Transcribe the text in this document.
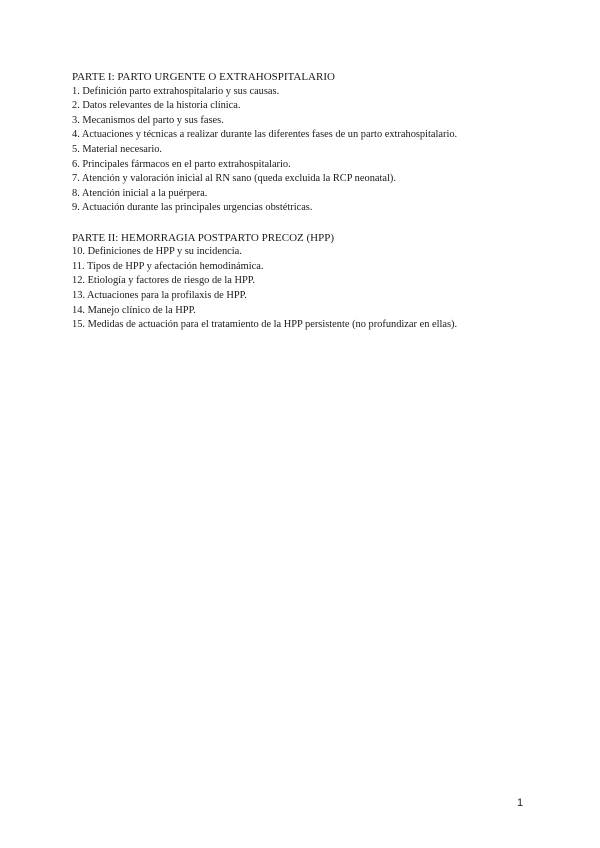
PARTE I: PARTO URGENTE O EXTRAHOSPITALARIO

1. Definición parto extrahospitalario y sus causas.

2. Datos relevantes de la historia clínica.

3. Mecanismos del parto y sus fases.

4. Actuaciones y técnicas a realizar durante las diferentes fases de un parto extrahospitalario.

5. Material necesario.

6. Principales fármacos en el parto extrahospitalario.

7. Atención y valoración inicial al RN sano (queda excluida la RCP neonatal).

8. Atención inicial a la puérpera.

9. Actuación durante las principales urgencias obstétricas.

PARTE II: HEMORRAGIA POSTPARTO PRECOZ (HPP)

10. Definiciones de HPP y su incidencia.

11. Tipos de HPP y afectación hemodinámica.

12. Etiología y factores de riesgo de la HPP.

13. Actuaciones para la profilaxis de HPP.

14. Manejo clínico de la HPP.

15. Medidas de actuación para el tratamiento de la HPP persistente (no profundizar en ellas).

1
